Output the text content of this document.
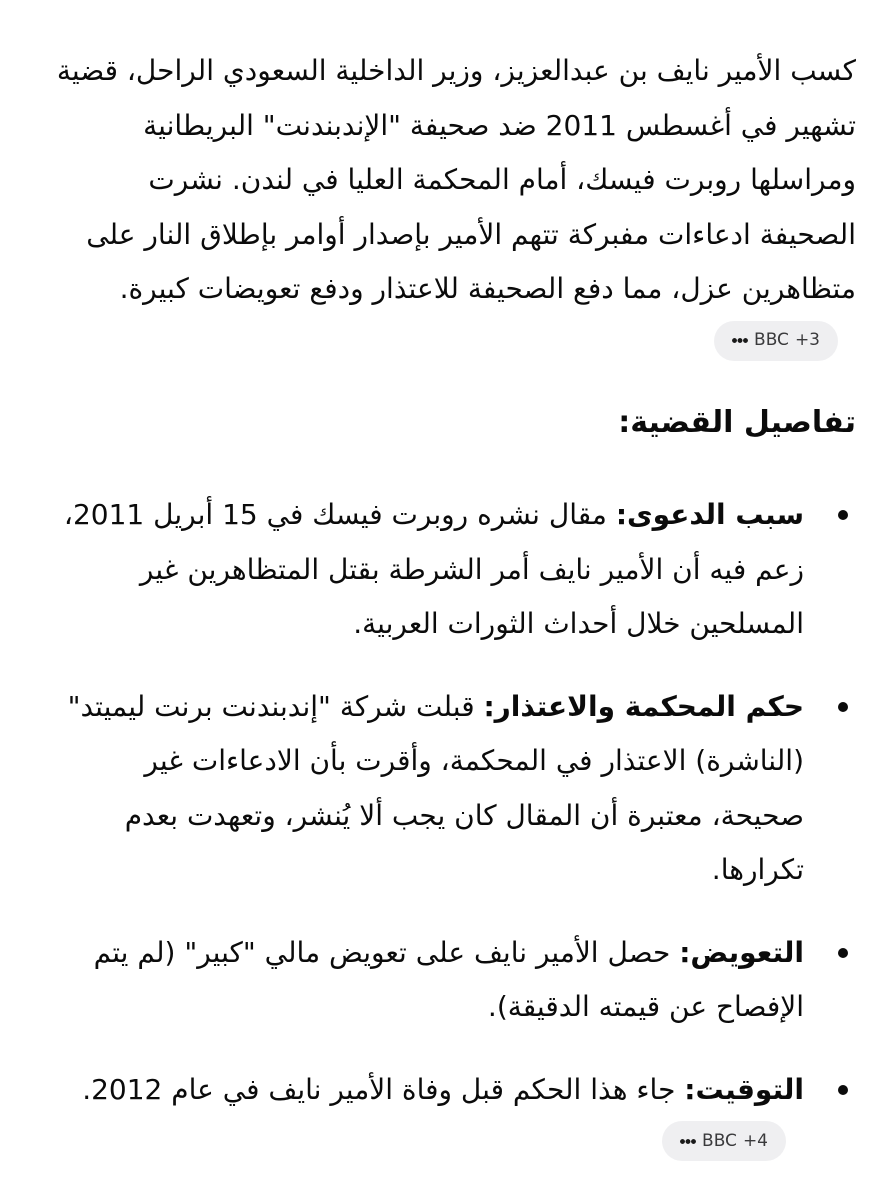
كسب الأمير نايف بن عبدالعزيز، وزير الداخلية السعودي الراحل، قضية تشهير في أغسطس 2011 ضد صحيفة "الإندبندنت" البريطانية ومراسلها روبرت فيسك، أمام المحكمة العليا في لندن. نشرت الصحيفة ادعاءات مفبركة تتهم الأمير بإصدار أوامر بإطلاق النار على متظاهرين عزل، مما دفع الصحيفة للاعتذار ودفع تعويضات كبيرة.
BBC +3

تفاصيل القضية:
سبب الدعوى: مقال نشره روبرت فيسك في 15 أبريل 2011، زعم فيه أن الأمير نايف أمر الشرطة بقتل المتظاهرين غير المسلحين خلال أحداث الثورات العربية.
حكم المحكمة والاعتذار: قبلت شركة "إندبندنت برنت ليميتد" (الناشرة) الاعتذار في المحكمة، وأقرت بأن الادعاءات غير صحيحة، معتبرة أن المقال كان يجب ألا يُنشر، وتعهدت بعدم تكرارها.
التعويض: حصل الأمير نايف على تعويض مالي "كبير" (لم يتم الإفصاح عن قيمته الدقيقة).
التوقيت: جاء هذا الحكم قبل وفاة الأمير نايف في عام 2012.
BBC +4
